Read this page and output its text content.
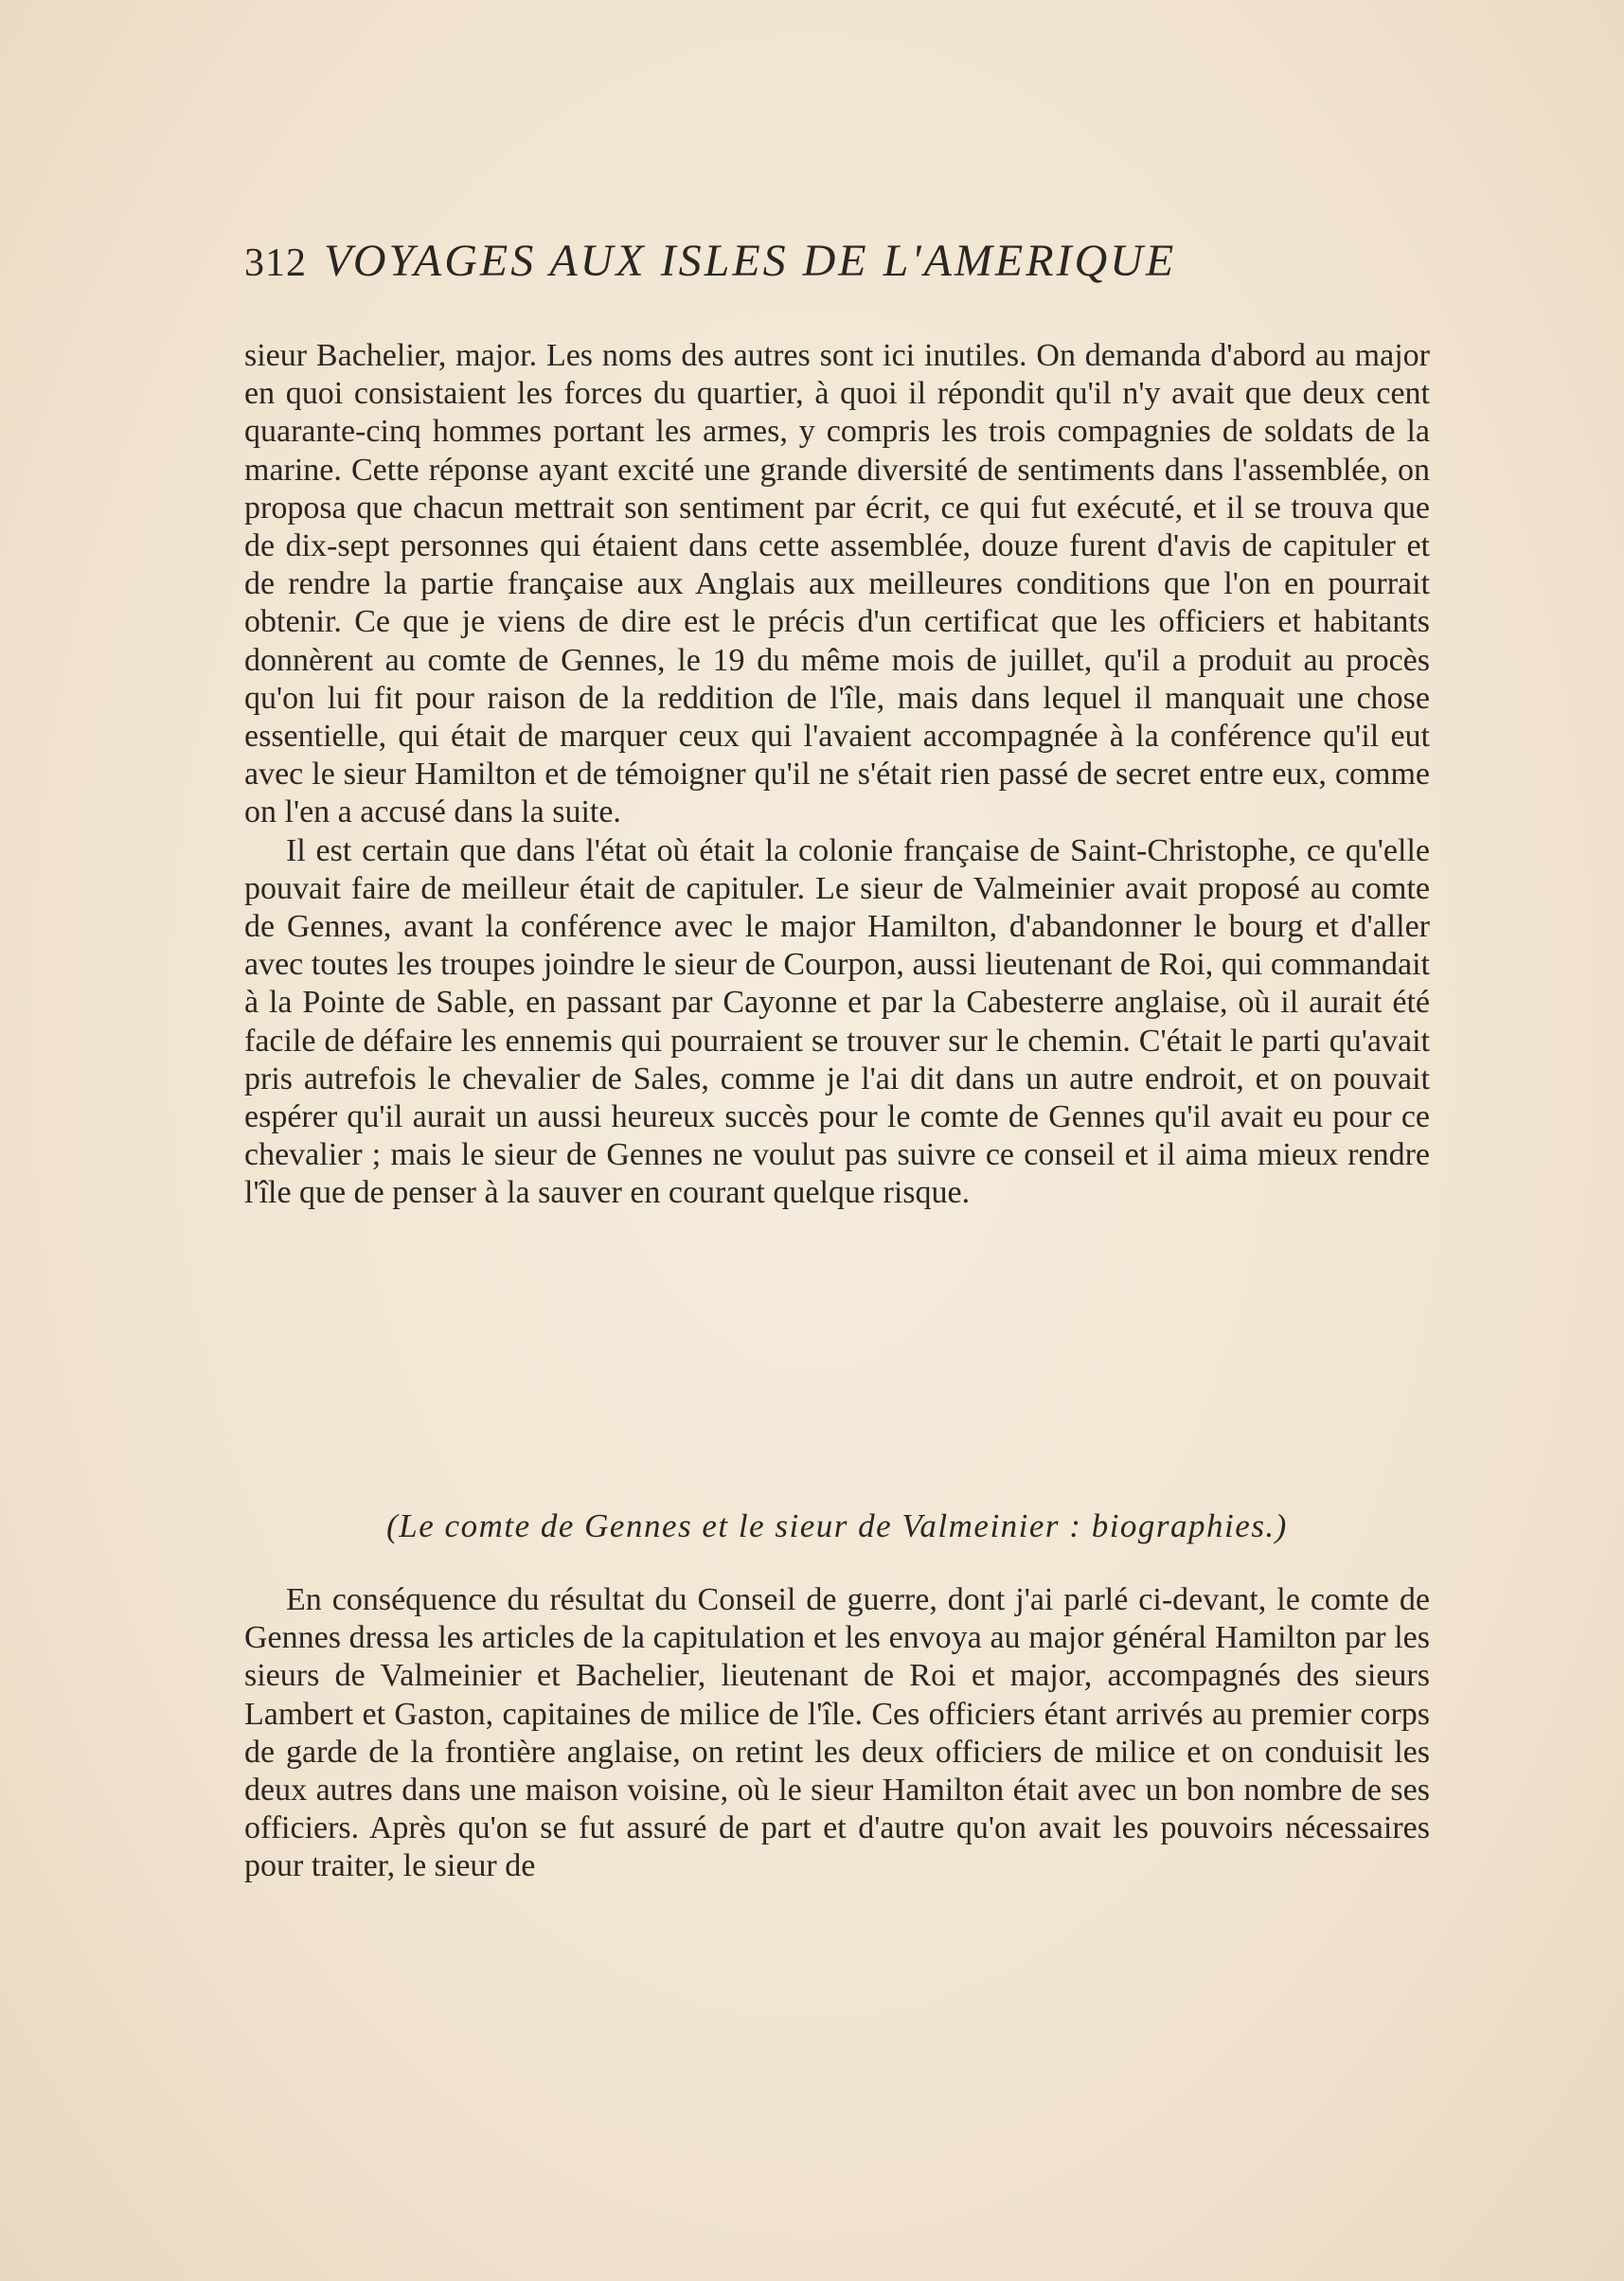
312 VOYAGES AUX ISLES DE L'AMERIQUE

sieur Bachelier, major. Les noms des autres sont ici inutiles. On demanda d'abord au major en quoi consistaient les forces du quartier, à quoi il répondit qu'il n'y avait que deux cent quarante-cinq hommes portant les armes, y compris les trois compagnies de soldats de la marine. Cette réponse ayant excité une grande diversité de sentiments dans l'assemblée, on proposa que chacun mettrait son sentiment par écrit, ce qui fut exécuté, et il se trouva que de dix-sept personnes qui étaient dans cette assemblée, douze furent d'avis de capituler et de rendre la partie française aux Anglais aux meilleures conditions que l'on en pourrait obtenir. Ce que je viens de dire est le précis d'un certificat que les officiers et habitants donnèrent au comte de Gennes, le 19 du même mois de juillet, qu'il a produit au procès qu'on lui fit pour raison de la reddition de l'île, mais dans lequel il manquait une chose essentielle, qui était de marquer ceux qui l'avaient accompagnée à la conférence qu'il eut avec le sieur Hamilton et de témoigner qu'il ne s'était rien passé de secret entre eux, comme on l'en a accusé dans la suite.

Il est certain que dans l'état où était la colonie française de Saint-Christophe, ce qu'elle pouvait faire de meilleur était de capituler. Le sieur de Valmeinier avait proposé au comte de Gennes, avant la conférence avec le major Hamilton, d'abandonner le bourg et d'aller avec toutes les troupes joindre le sieur de Courpon, aussi lieutenant de Roi, qui commandait à la Pointe de Sable, en passant par Cayonne et par la Cabesterre anglaise, où il aurait été facile de défaire les ennemis qui pourraient se trouver sur le chemin. C'était le parti qu'avait pris autrefois le chevalier de Sales, comme je l'ai dit dans un autre endroit, et on pouvait espérer qu'il aurait un aussi heureux succès pour le comte de Gennes qu'il avait eu pour ce chevalier ; mais le sieur de Gennes ne voulut pas suivre ce conseil et il aima mieux rendre l'île que de penser à la sauver en courant quelque risque.

(Le comte de Gennes et le sieur de Valmeinier : biographies.)

En conséquence du résultat du Conseil de guerre, dont j'ai parlé ci-devant, le comte de Gennes dressa les articles de la capitulation et les envoya au major général Hamilton par les sieurs de Valmeinier et Bachelier, lieutenant de Roi et major, accompagnés des sieurs Lambert et Gaston, capitaines de milice de l'île. Ces officiers étant arrivés au premier corps de garde de la frontière anglaise, on retint les deux officiers de milice et on conduisit les deux autres dans une maison voisine, où le sieur Hamilton était avec un bon nombre de ses officiers. Après qu'on se fut assuré de part et d'autre qu'on avait les pouvoirs nécessaires pour traiter, le sieur de
